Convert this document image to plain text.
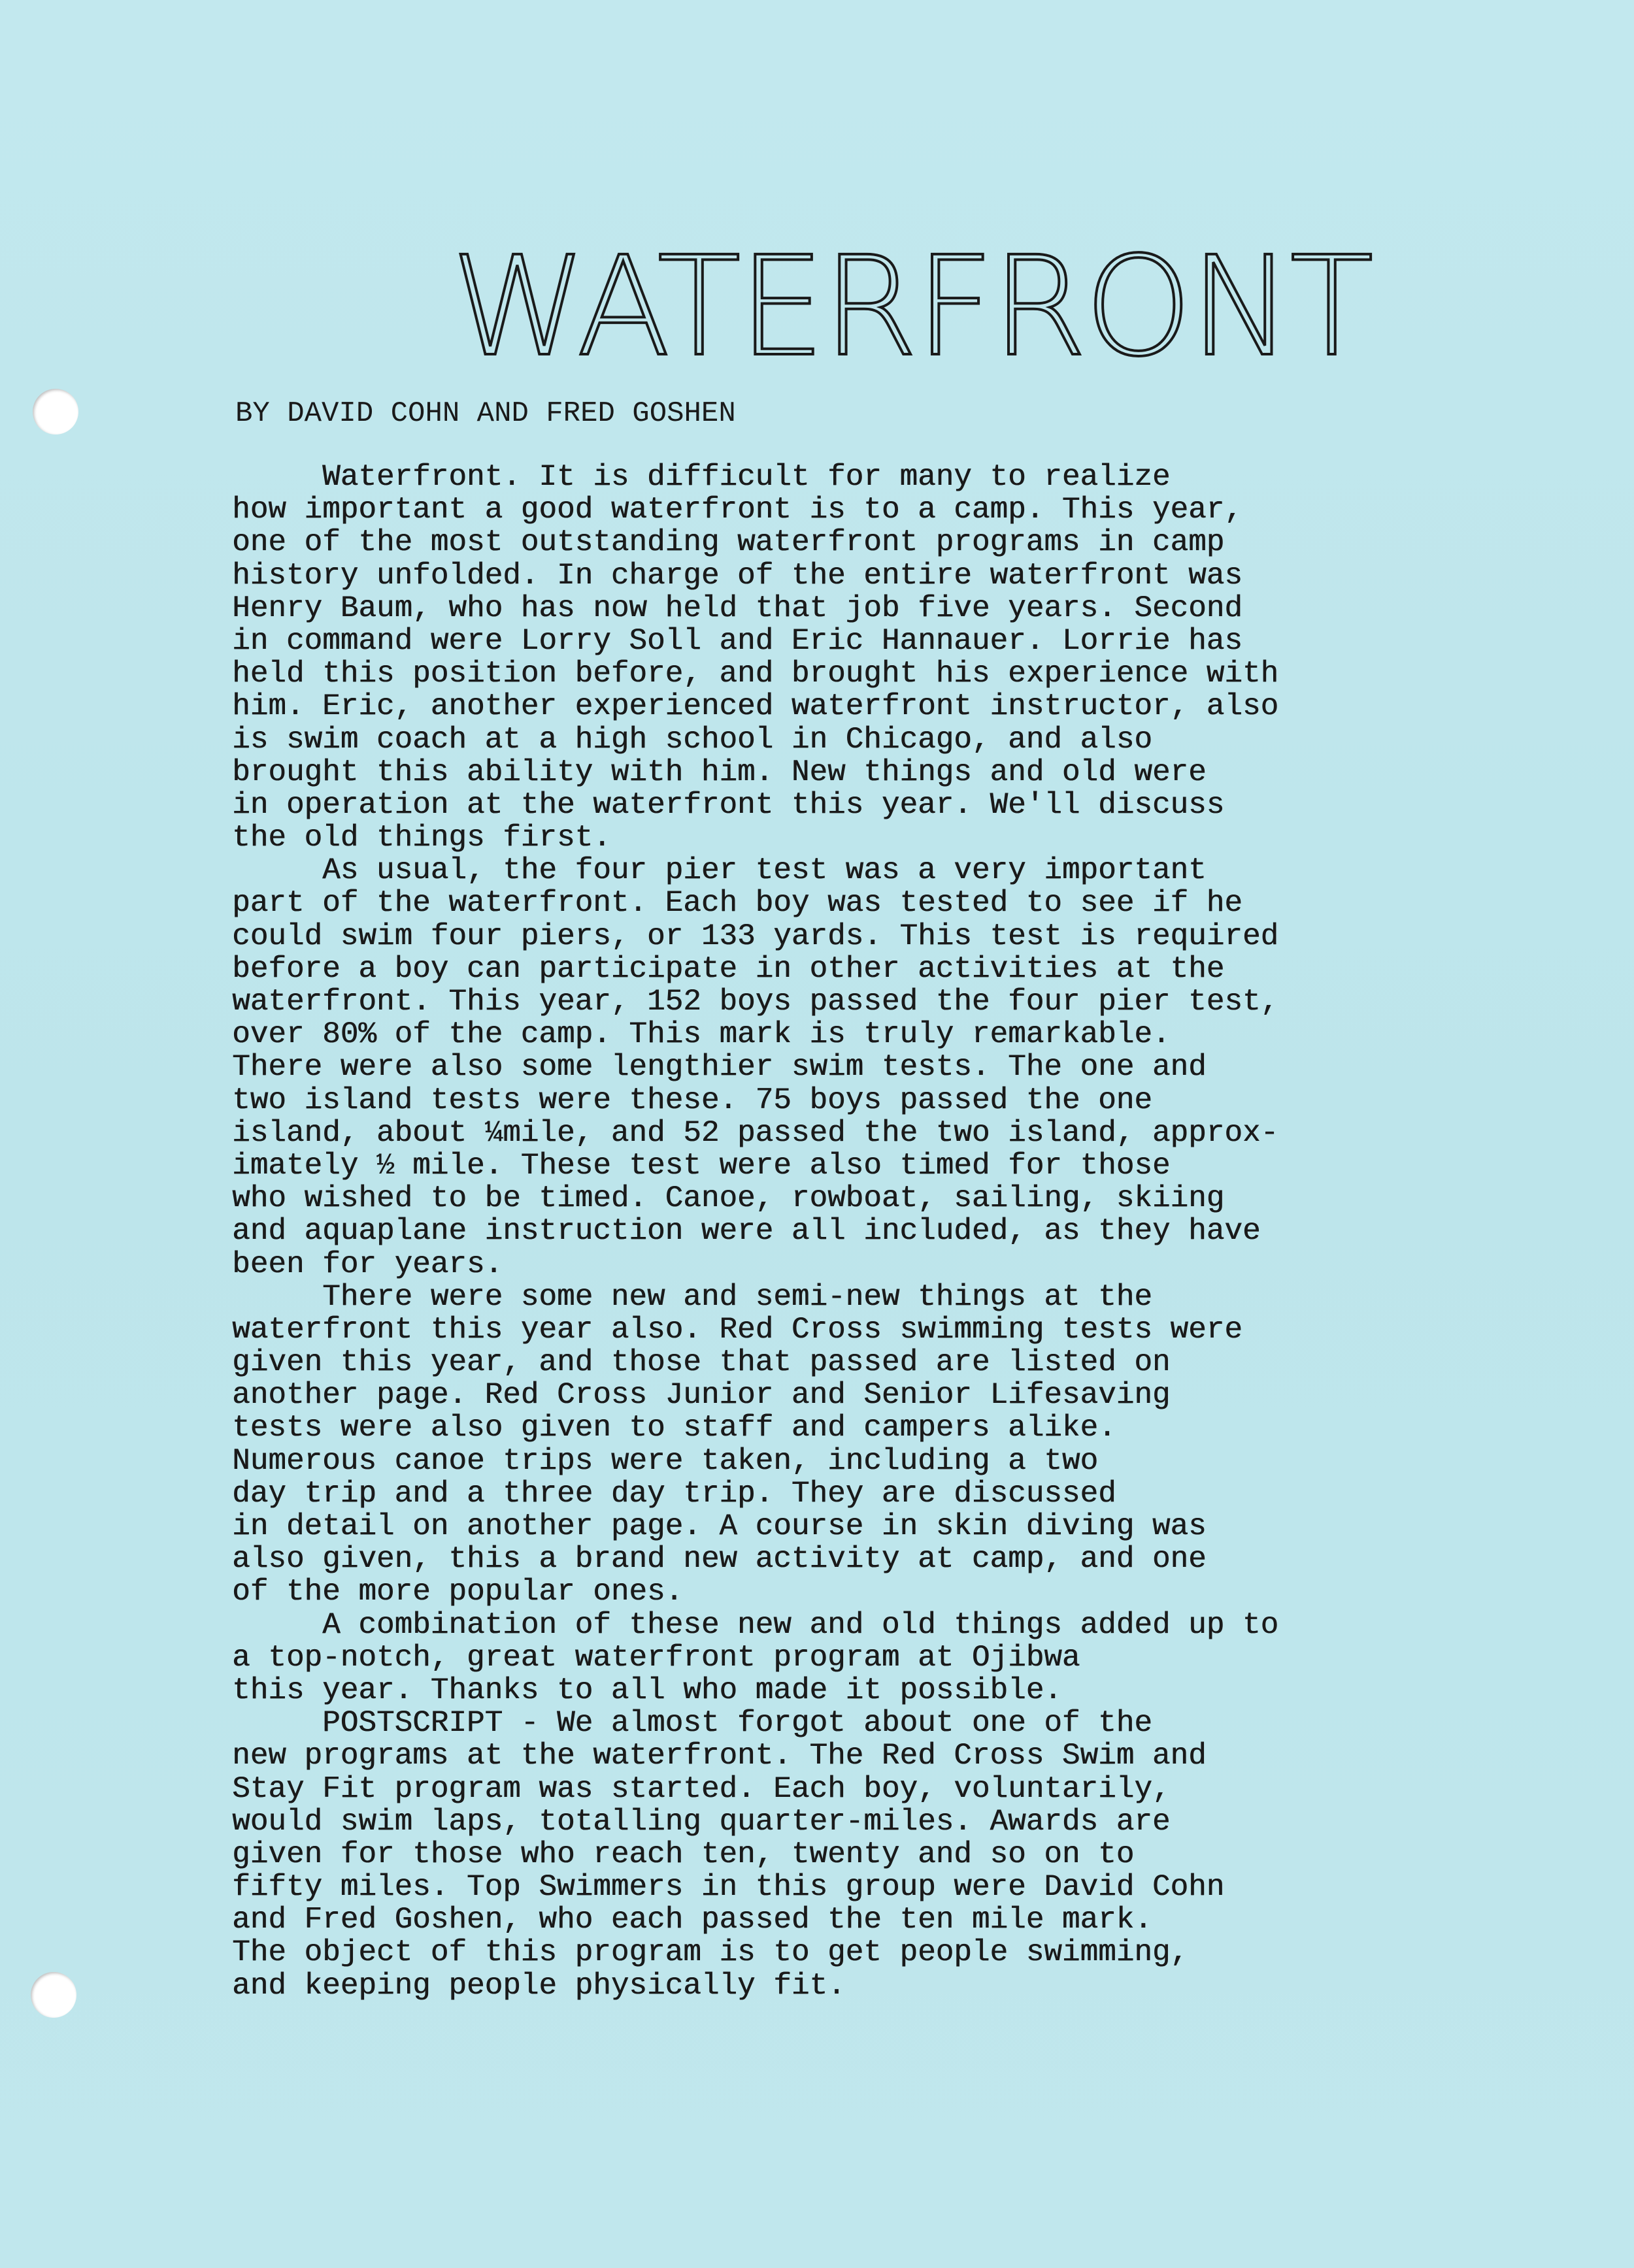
WATERFRONT
BY DAVID COHN AND FRED GOSHEN
Waterfront. It is difficult for many to realize
how important a good waterfront is to a camp. This year,
one of the most outstanding waterfront programs in camp
history unfolded. In charge of the entire waterfront was
Henry Baum, who has now held that job five years. Second
in command were Lorry Soll and Eric Hannauer. Lorrie has
held this position before, and brought his experience with
him. Eric, another experienced waterfront instructor, also
is swim coach at a high school in Chicago, and also
brought this ability with him. New things and old were
in operation at the waterfront this year. We'll discuss
the old things first.
As usual, the four pier test was a very important
part of the waterfront. Each boy was tested to see if he
could swim four piers, or 133 yards. This test is required
before a boy can participate in other activities at the
waterfront. This year, 152 boys passed the four pier test,
over 80% of the camp. This mark is truly remarkable.
There were also some lengthier swim tests. The one and
two island tests were these. 75 boys passed the one
island, about ¼mile, and 52 passed the two island, approx-
imately ½ mile. These test were also timed for those
who wished to be timed. Canoe, rowboat, sailing, skiing
and aquaplane instruction were all included, as they have
been for years.
There were some new and semi-new things at the
waterfront this year also. Red Cross swimming tests were
given this year, and those that passed are listed on
another page. Red Cross Junior and Senior Lifesaving
tests were also given to staff and campers alike.
Numerous canoe trips were taken, including a two
day trip and a three day trip. They are discussed
in detail on another page. A course in skin diving was
also given, this a brand new activity at camp, and one
of the more popular ones.
A combination of these new and old things added up to
a top-notch, great waterfront program at Ojibwa
this year. Thanks to all who made it possible.
POSTSCRIPT - We almost forgot about one of the
new programs at the waterfront. The Red Cross Swim and
Stay Fit program was started. Each boy, voluntarily,
would swim laps, totalling quarter-miles. Awards are
given for those who reach ten, twenty and so on to
fifty miles. Top Swimmers in this group were David Cohn
and Fred Goshen, who each passed the ten mile mark.
The object of this program is to get people swimming,
and keeping people physically fit.
